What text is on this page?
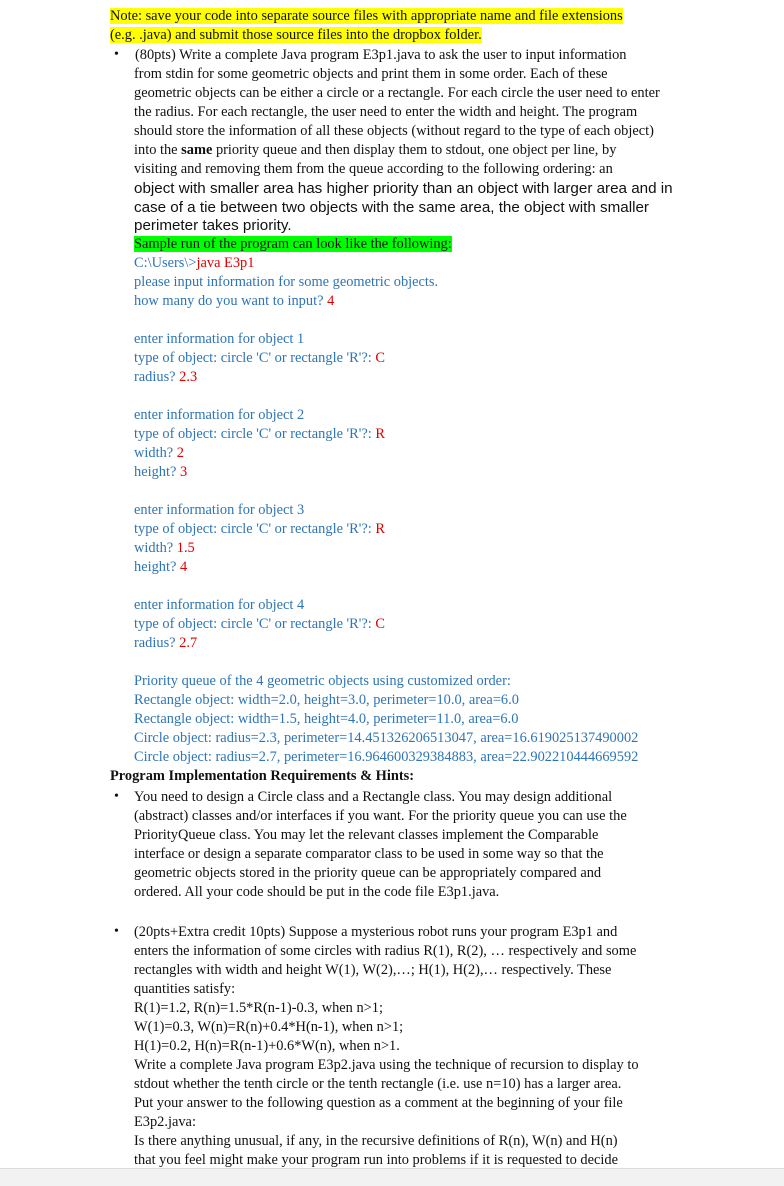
Note: save your code into separate source files with appropriate name and file extensions
(e.g. .java) and submit those source files into the dropbox folder.
• (80pts) Write a complete Java program E3p1.java to ask the user to input information
from stdin for some geometric objects and print them in some order. Each of these
geometric objects can be either a circle or a rectangle. For each circle the user need to enter
the radius. For each rectangle, the user need to enter the width and height. The program
should store the information of all these objects (without regard to the type of each object)
into the same priority queue and then display them to stdout, one object per line, by
visiting and removing them from the queue according to the following ordering: an
object with smaller area has higher priority than an object with larger area and in
case of a tie between two objects with the same area, the object with smaller
perimeter takes priority.
Sample run of the program can look like the following:
C:\Users\>java E3p1
please input information for some geometric objects.
how many do you want to input? 4
enter information for object 1
type of object: circle 'C' or rectangle 'R'?: C
radius? 2.3
enter information for object 2
type of object: circle 'C' or rectangle 'R'?: R
width? 2
height? 3
enter information for object 3
type of object: circle 'C' or rectangle 'R'?: R
width? 1.5
height? 4
enter information for object 4
type of object: circle 'C' or rectangle 'R'?: C
radius? 2.7
Priority queue of the 4 geometric objects using customized order:
Rectangle object: width=2.0, height=3.0, perimeter=10.0, area=6.0
Rectangle object: width=1.5, height=4.0, perimeter=11.0, area=6.0
Circle object: radius=2.3, perimeter=14.451326206513047, area=16.619025137490002
Circle object: radius=2.7, perimeter=16.964600329384883, area=22.902210444669592
Program Implementation Requirements & Hints:
• You need to design a Circle class and a Rectangle class. You may design additional
(abstract) classes and/or interfaces if you want. For the priority queue you can use the
PriorityQueue class. You may let the relevant classes implement the Comparable
interface or design a separate comparator class to be used in some way so that the
geometric objects stored in the priority queue can be appropriately compared and
ordered. All your code should be put in the code file E3p1.java.
• (20pts+Extra credit 10pts) Suppose a mysterious robot runs your program E3p1 and
enters the information of some circles with radius R(1), R(2), … respectively and some
rectangles with width and height W(1), W(2),…; H(1), H(2),… respectively. These
quantities satisfy:
R(1)=1.2, R(n)=1.5*R(n-1)-0.3, when n>1;
W(1)=0.3, W(n)=R(n)+0.4*H(n-1), when n>1;
H(1)=0.2, H(n)=R(n-1)+0.6*W(n), when n>1.
Write a complete Java program E3p2.java using the technique of recursion to display to
stdout whether the tenth circle or the tenth rectangle (i.e. use n=10) has a larger area.
Put your answer to the following question as a comment at the beginning of your file
E3p2.java:
Is there anything unusual, if any, in the recursive definitions of R(n), W(n) and H(n)
that you feel might make your program run into problems if it is requested to decide
